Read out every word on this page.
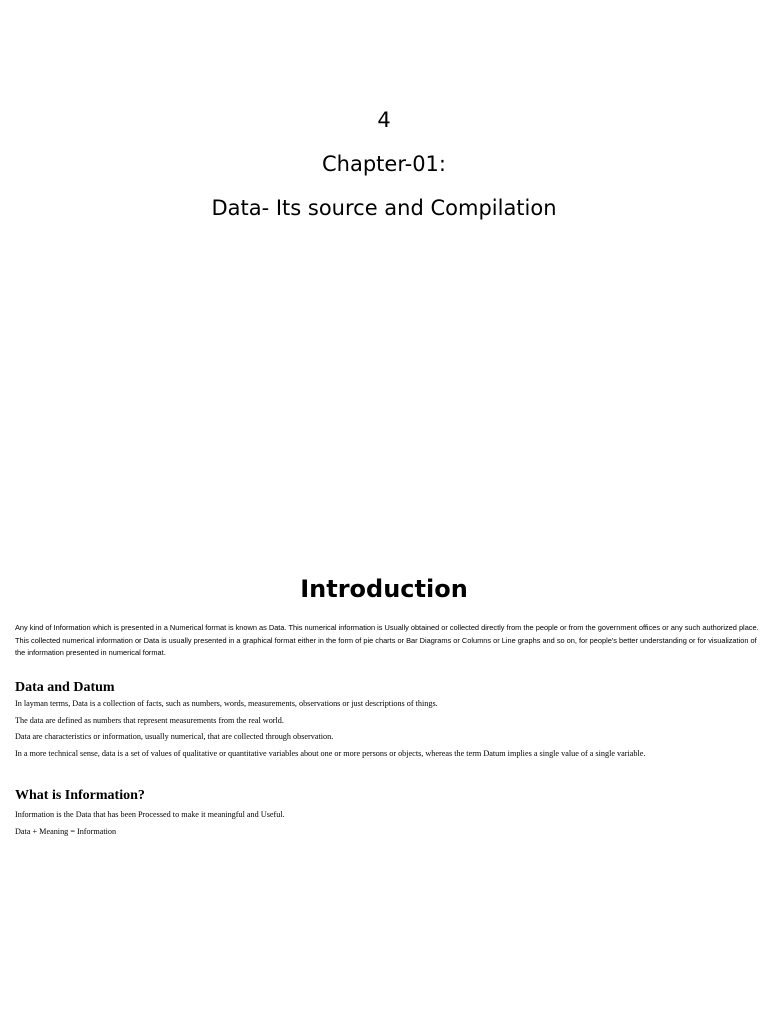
4
Chapter-01:
Data- Its source and Compilation
Introduction

Any kind of Information which is presented in a Numerical format is known as Data. This numerical information is Usually obtained or collected directly from the people or from the government offices or any such authorized place. This collected numerical information or Data is usually presented in a graphical format either in the form of pie charts or Bar Diagrams or Columns or Line graphs and so on, for people's better understanding or for visualization of the information presented in numerical format.

Data and Datum
In layman terms, Data is a collection of facts, such as numbers, words, measurements, observations or just descriptions of things.
The data are defined as numbers that represent measurements from the real world.
Data are characteristics or information, usually numerical, that are collected through observation.
In a more technical sense, data is a set of values of qualitative or quantitative variables about one or more persons or objects, whereas the term Datum implies a single value of a single variable.
What is Information?
Information is the Data that has been Processed to make it meaningful and Useful.
Data + Meaning = Information
